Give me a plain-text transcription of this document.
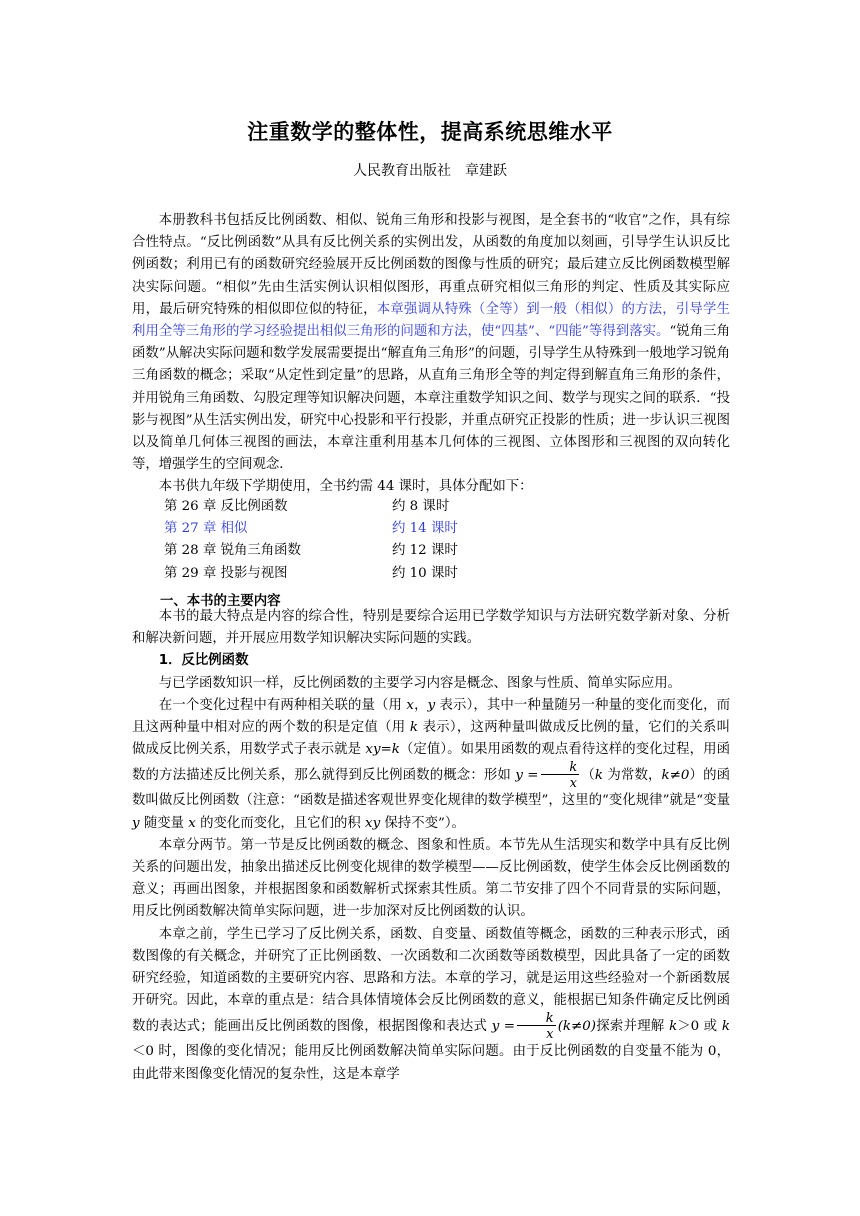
注重数学的整体性，提高系统思维水平
人民教育出版社 章建跃

本册教科书包括反比例函数、相似、锐角三角形和投影与视图，是全套书的“收官”之作，具有综合性特点。“反比例函数”从具有反比例关系的实例出发，从函数的角度加以刻画，引导学生认识反比例函数；利用已有的函数研究经验展开反比例函数的图像与性质的研究；最后建立反比例函数模型解决实际问题。“相似”先由生活实例认识相似图形，再重点研究相似三角形的判定、性质及其实际应用，最后研究特殊的相似即位似的特征，本章强调从特殊（全等）到一般（相似）的方法，引导学生利用全等三角形的学习经验提出相似三角形的问题和方法，使“四基”、“四能”等得到落实。“锐角三角函数”从解决实际问题和数学发展需要提出“解直角三角形”的问题，引导学生从特殊到一般地学习锐角三角函数的概念；采取“从定性到定量”的思路，从直角三角形全等的判定得到解直角三角形的条件，并用锐角三角函数、勾股定理等知识解决问题，本章注重数学知识之间、数学与现实之间的联系．“投影与视图”从生活实例出发，研究中心投影和平行投影，并重点研究正投影的性质；进一步认识三视图以及简单几何体三视图的画法，本章注重利用基本几何体的三视图、立体图形和三视图的双向转化等，增强学生的空间观念．

本书供九年级下学期使用，全书约需 44 课时，具体分配如下：

第 26 章 反比例函数	约 8 课时
第 27 章 相似	约 14 课时
第 28 章 锐角三角函数	约 12 课时
第 29 章 投影与视图	约 10 课时
一、本书的主要内容

本书的最大特点是内容的综合性，特别是要综合运用已学数学知识与方法研究数学新对象、分析和解决新问题，并开展应用数学知识解决实际问题的实践。

1．反比例函数

与已学函数知识一样，反比例函数的主要学习内容是概念、图象与性质、简单实际应用。

在一个变化过程中有两种相关联的量（用 x，y 表示），其中一种量随另一种量的变化而变化，而且这两种量中相对应的两个数的积是定值（用 k 表示），这两种量叫做成反比例的量，它们的关系叫做成反比例关系，用数学式子表示就是 xy=k（定值）。如果用函数的观点看待这样的变化过程，用函数的方法描述反比例关系，那么就得到反比例函数的概念：形如 $y = \frac{k}{x} (k$ 为常数，k≠0）的函数叫做反比例函数（注意：“函数是描述客观世界变化规律的数学模型”，这里的“变化规律”就是“变量 y 随变量 x 的变化而变化，且它们的积 xy 保持不变”）。

本章分两节。第一节是反比例函数的概念、图象和性质。本节先从生活现实和数学中具有反比例关系的问题出发，抽象出描述反比例变化规律的数学模型——反比例函数，使学生体会反比例函数的意义；再画出图象，并根据图象和函数解析式探索其性质。第二节安排了四个不同背景的实际问题，用反比例函数解决简单实际问题，进一步加深对反比例函数的认识。

本章之前，学生已学习了反比例关系，函数、自变量、函数值等概念，函数的三种表示形式，函数图像的有关概念，并研究了正比例函数、一次函数和二次函数等函数模型，因此具备了一定的函数研究经验，知道函数的主要研究内容、思路和方法。本章的学习，就是运用这些经验对一个新函数展开研究。因此，本章的重点是：结合具体情境体会反比例函数的意义，能根据已知条件确定反比例函数的表达式；能画出反比例函数的图像，根据图像和表达式 $y = \frac{k}{x} (k\ne 0)$探索并理解 k＞0 或 k＜0 时，图像的变化情况；能用反比例函数解决简单实际问题。由于反比例函数的自变量不能为 0，由此带来图像变化情况的复杂性，这是本章学
